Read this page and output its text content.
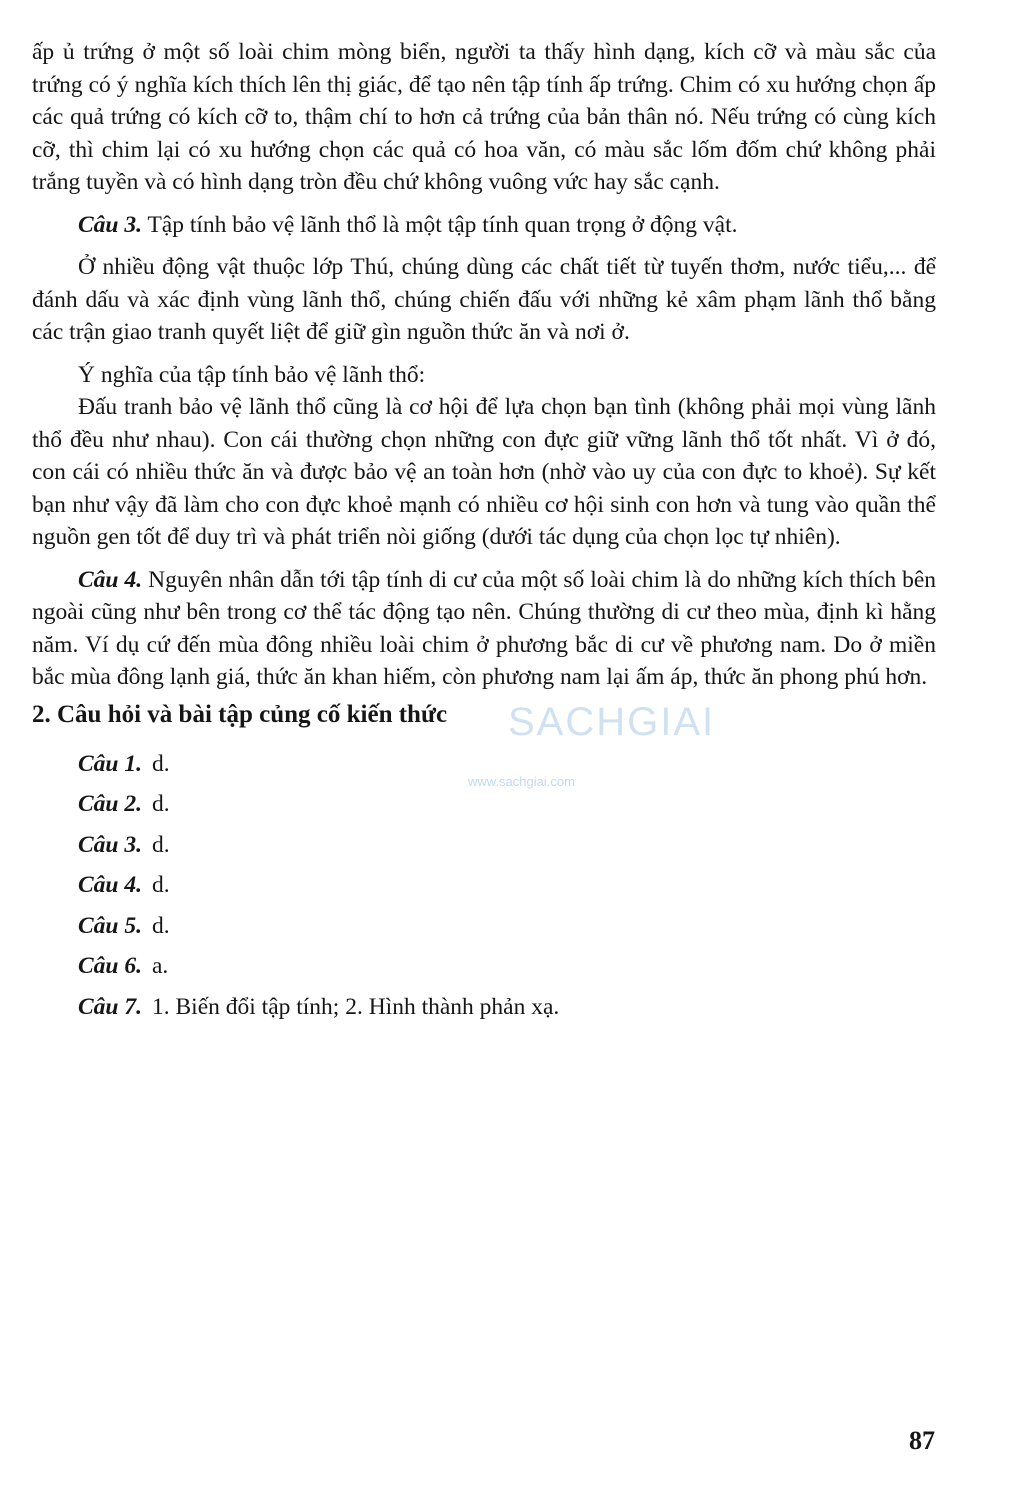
ấp ủ trứng ở một số loài chim mòng biển, người ta thấy hình dạng, kích cỡ và màu sắc của trứng có ý nghĩa kích thích lên thị giác, để tạo nên tập tính ấp trứng. Chim có xu hướng chọn ấp các quả trứng có kích cỡ to, thậm chí to hơn cả trứng của bản thân nó. Nếu trứng có cùng kích cỡ, thì chim lại có xu hướng chọn các quả có hoa văn, có màu sắc lốm đốm chứ không phải trắng tuyền và có hình dạng tròn đều chứ không vuông vức hay sắc cạnh.

Câu 3. Tập tính bảo vệ lãnh thổ là một tập tính quan trọng ở động vật.

Ở nhiều động vật thuộc lớp Thú, chúng dùng các chất tiết từ tuyến thơm, nước tiểu,... để đánh dấu và xác định vùng lãnh thổ, chúng chiến đấu với những kẻ xâm phạm lãnh thổ bằng các trận giao tranh quyết liệt để giữ gìn nguồn thức ăn và nơi ở.

Ý nghĩa của tập tính bảo vệ lãnh thổ:

Đấu tranh bảo vệ lãnh thổ cũng là cơ hội để lựa chọn bạn tình (không phải mọi vùng lãnh thổ đều như nhau). Con cái thường chọn những con đực giữ vững lãnh thổ tốt nhất. Vì ở đó, con cái có nhiều thức ăn và được bảo vệ an toàn hơn (nhờ vào uy của con đực to khoẻ). Sự kết bạn như vậy đã làm cho con đực khoẻ mạnh có nhiều cơ hội sinh con hơn và tung vào quần thể nguồn gen tốt để duy trì và phát triển nòi giống (dưới tác dụng của chọn lọc tự nhiên).

Câu 4. Nguyên nhân dẫn tới tập tính di cư của một số loài chim là do những kích thích bên ngoài cũng như bên trong cơ thể tác động tạo nên. Chúng thường di cư theo mùa, định kì hằng năm. Ví dụ cứ đến mùa đông nhiều loài chim ở phương bắc di cư về phương nam. Do ở miền bắc mùa đông lạnh giá, thức ăn khan hiếm, còn phương nam lại ấm áp, thức ăn phong phú hơn.

2. Câu hỏi và bài tập củng cố kiến thức
Câu 1. d.
Câu 2. d.
Câu 3. d.
Câu 4. d.
Câu 5. d.
Câu 6. a.
Câu 7. 1. Biến đổi tập tính; 2. Hình thành phản xạ.
SACHGIAI
www.sachgiai.com
87
